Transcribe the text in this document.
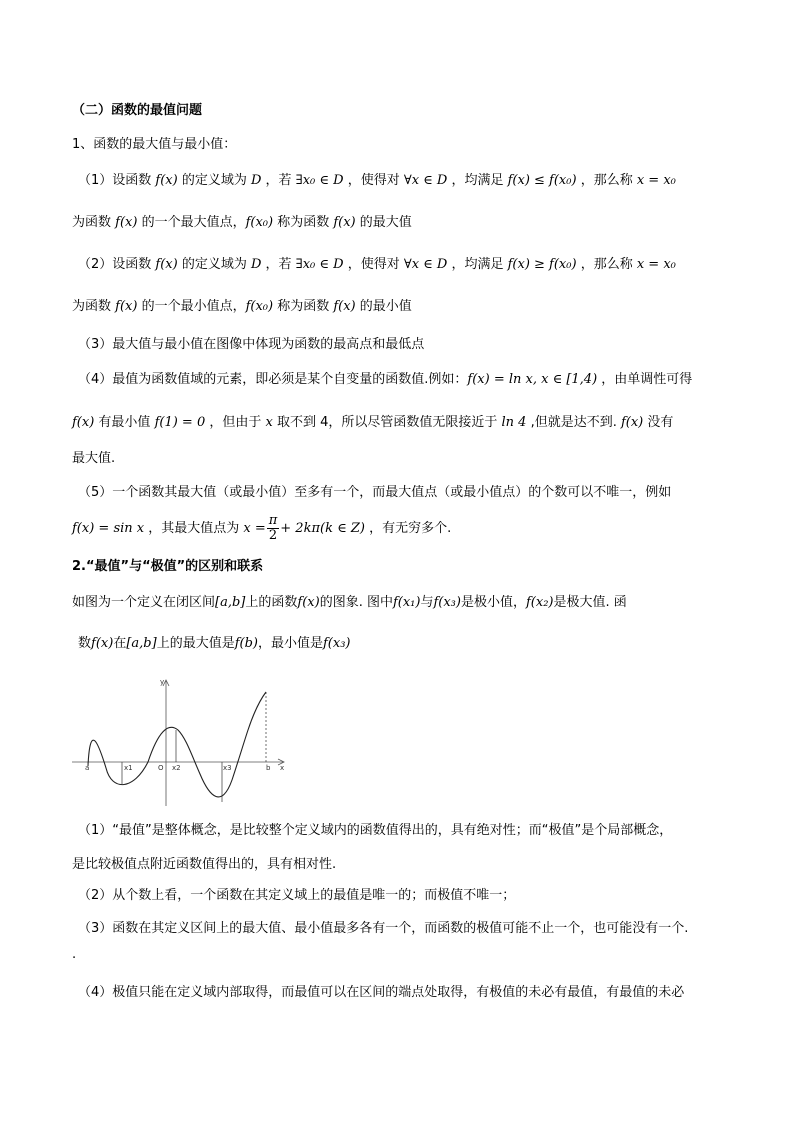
（二）函数的最值问题
1、函数的最大值与最小值：
（1）设函数 f(x) 的定义域为 D ，若 ∃x₀ ∈ D ，使得对 ∀x ∈ D ，均满足 f(x) ≤ f(x₀) ，那么称 x = x₀
为函数 f(x) 的一个最大值点，f(x₀) 称为函数 f(x) 的最大值
（2）设函数 f(x) 的定义域为 D ，若 ∃x₀ ∈ D ，使得对 ∀x ∈ D ，均满足 f(x) ≥ f(x₀) ，那么称 x = x₀
为函数 f(x) 的一个最小值点，f(x₀) 称为函数 f(x) 的最小值
（3）最大值与最小值在图像中体现为函数的最高点和最低点
（4）最值为函数值域的元素，即必须是某个自变量的函数值.例如：f(x) = ln x, x ∈ [1,4) ，由单调性可得
f(x) 有最小值 f(1) = 0 ，但由于 x 取不到 4，所以尽管函数值无限接近于 ln 4 ,但就是达不到. f(x) 没有
最大值.
（5）一个函数其最大值（或最小值）至多有一个，而最大值点（或最小值点）的个数可以不唯一，例如
f(x) = sin x ，其最大值点为 $x = \frac{\pi}{2} + 2k\pi(k$ ∈ Z) ，有无穷多个.
2.“最值”与“极值”的区别和联系
如图为一个定义在闭区间[a,b]上的函数f(x)的图象. 图中f(x₁)与f(x₃)是极小值，f(x₂)是极大值. 函
数f(x)在[a,b]上的最大值是f(b)，最小值是f(x₃)
y
x
a	x1	O x2	x3	b
（1）“最值”是整体概念，是比较整个定义域内的函数值得出的，具有绝对性；而“极值”是个局部概念，
是比较极值点附近函数值得出的，具有相对性.
（2）从个数上看，一个函数在其定义域上的最值是唯一的；而极值不唯一；
（3）函数在其定义区间上的最大值、最小值最多各有一个，而函数的极值可能不止一个，也可能没有一个.
·
（4）极值只能在定义域内部取得，而最值可以在区间的端点处取得，有极值的未必有最值，有最值的未必
